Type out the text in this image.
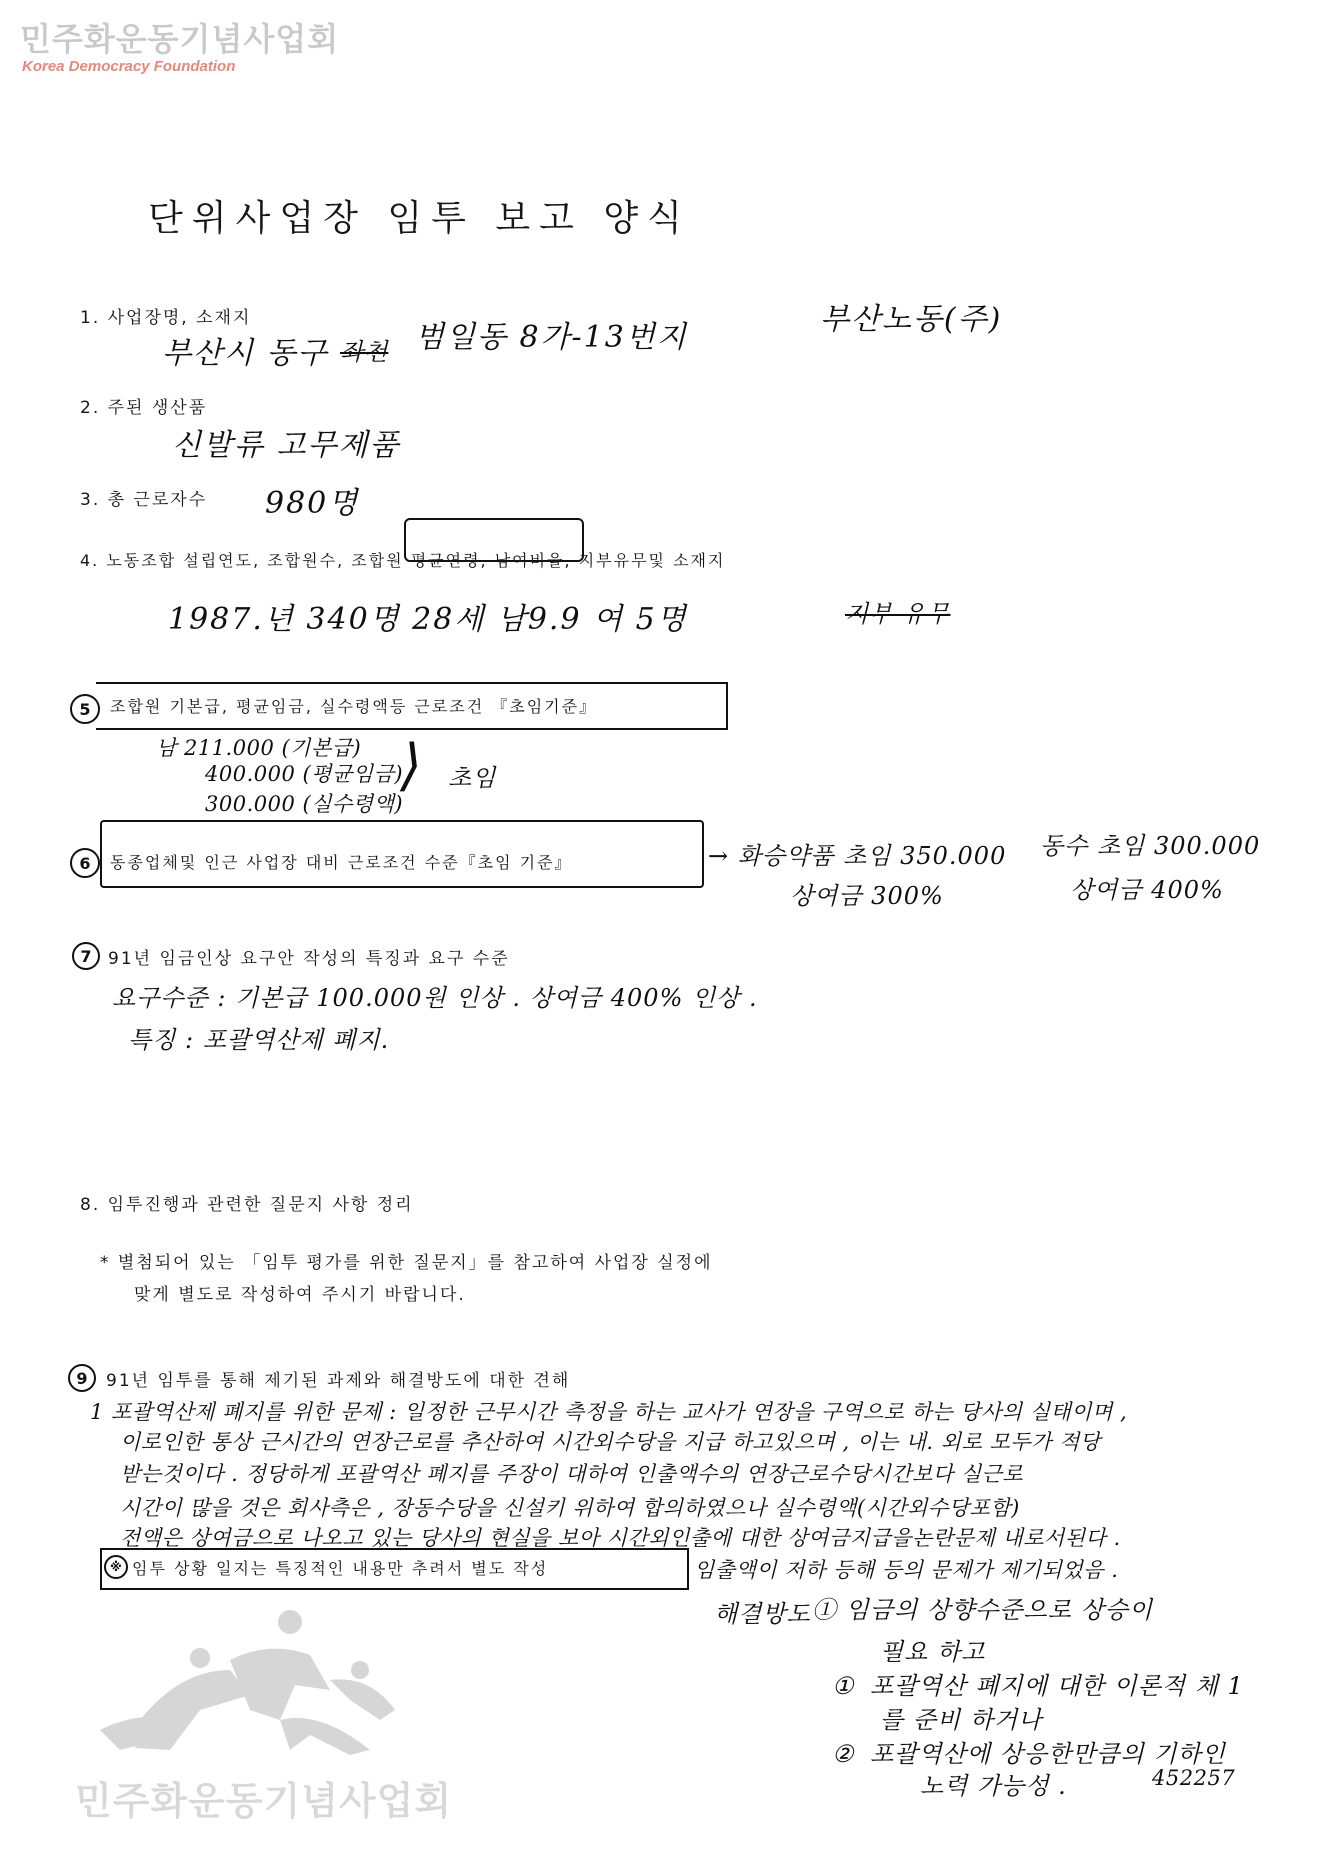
민주화운동기념사업회
Korea Democracy Foundation
단위사업장 임투 보고 양식
1. 사업장명, 소재지
부산시 동구 좌천 범일동 8가-13번지
부산노동(주)
2. 주된 생산품
신발류 고무제품
3. 총 근로자수 980명
4. 노동조합 설립연도, 조합원수, 조합원 평균연령, 남여비율, 지부유무및 소재지
1987.년 340명 28세 남9.9 여 5명	지부 유무
5	조합원 기본급, 평균임금, 실수령액등 근로조건 『초임기준』
남 211.000 (기본급)
400.000 (평균임금)
300.000 (실수령액)
⟩ 초임
6	동종업체및 인근 사업장 대비 근로조건 수준『초임 기준』	→ 화승약품 초임 350.000
상여금 300%
동수 초임 300.000
상여금 400%
7 91년 임금인상 요구안 작성의 특징과 요구 수준
요구수준 : 기본급 100.000원 인상 . 상여금 400% 인상 .
특징 : 포괄역산제 폐지.
8. 임투진행과 관련한 질문지 사항 정리
* 별첨되어 있는 「임투 평가를 위한 질문지」를 참고하여 사업장 실정에
맞게 별도로 작성하여 주시기 바랍니다.
9	91년 임투를 통해 제기된 과제와 해결방도에 대한 견해
1 포괄역산제 폐지를 위한 문제 : 일정한 근무시간 측정을 하는 교사가 연장을 구역으로 하는 당사의 실태이며 ,
이로인한 통상 근시간의 연장근로를 추산하여 시간외수당을 지급 하고있으며 , 이는 내. 외로 모두가 적당
받는것이다 . 정당하게 포괄역산 폐지를 주장이 대하여 인출액수의 연장근로수당시간보다 실근로
시간이 많을 것은 회사측은 , 장동수당을 신설키 위하여 합의하였으나 실수령액(시간외수당포함)
전액은 상여금으로 나오고 있는 당사의 현실을 보아 시간외인출에 대한 상여금지급을논란문제 내로서된다 .
※ 임투 상황 일지는 특징적인 내용만 추려서 별도 작성	임출액이 저하 등해 등의 문제가 제기되었음 .
해결방도 ① 임금의 상향수준으로 상승이
필요 하고
① 포괄역산 폐지에 대한 이론적 체 1
를 준비 하거나
② 포괄역산에 상응한만큼의 기하인
노력 가능성 .	452257
민주화운동기념사업회
